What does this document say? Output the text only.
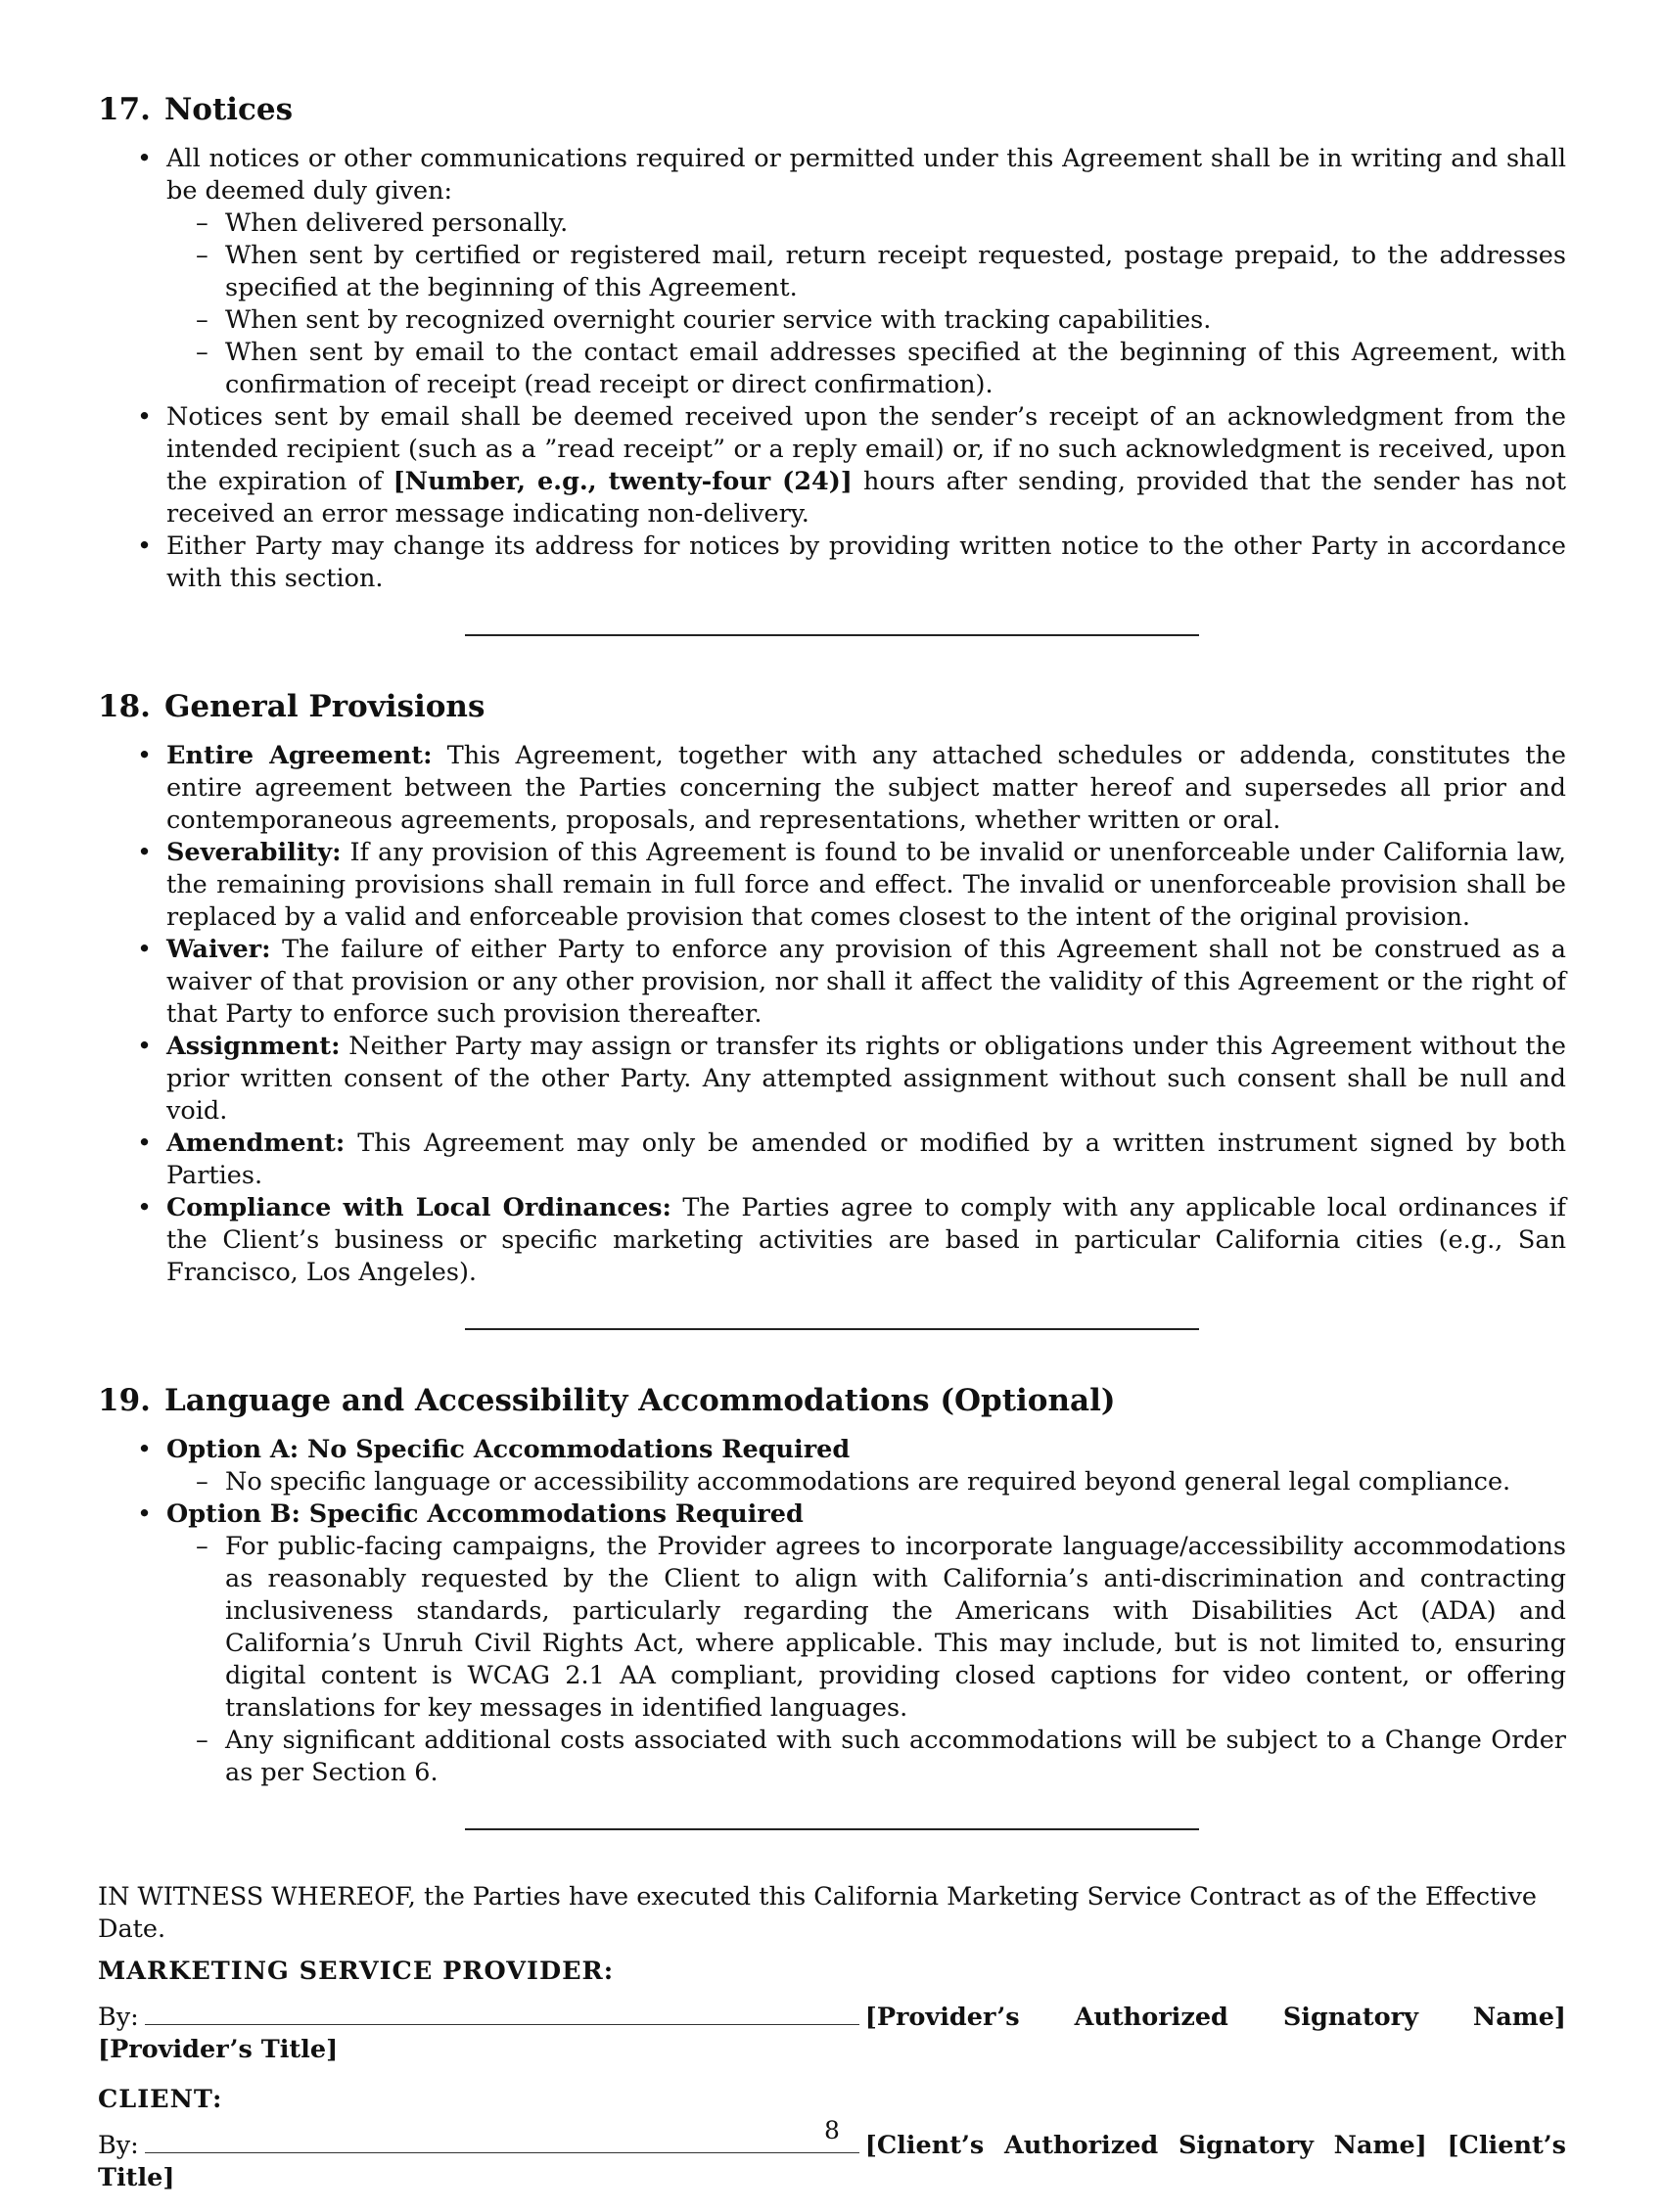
17. Notices
• All notices or other communications required or permitted under this Agreement shall be in writing and shall be deemed duly given:
– When delivered personally.
– When sent by certified or registered mail, return receipt requested, postage prepaid, to the addresses specified at the beginning of this Agreement.
– When sent by recognized overnight courier service with tracking capabilities.
– When sent by email to the contact email addresses specified at the beginning of this Agreement, with confirmation of receipt (read receipt or direct confirmation).
• Notices sent by email shall be deemed received upon the sender’s receipt of an acknowledgment from the intended recipient (such as a ”read receipt” or a reply email) or, if no such acknowledgment is received, upon the expiration of [Number, e.g., twenty-four (24)] hours after sending, provided that the sender has not received an error message indicating non-delivery.
• Either Party may change its address for notices by providing written notice to the other Party in accordance with this section.
18. General Provisions
• Entire Agreement: This Agreement, together with any attached schedules or addenda, constitutes the entire agreement between the Parties concerning the subject matter hereof and supersedes all prior and contemporaneous agreements, proposals, and representations, whether written or oral.
• Severability: If any provision of this Agreement is found to be invalid or unenforceable under California law, the remaining provisions shall remain in full force and effect. The invalid or unenforceable provision shall be replaced by a valid and enforceable provision that comes closest to the intent of the original provision.
• Waiver: The failure of either Party to enforce any provision of this Agreement shall not be construed as a waiver of that provision or any other provision, nor shall it affect the validity of this Agreement or the right of that Party to enforce such provision thereafter.
• Assignment: Neither Party may assign or transfer its rights or obligations under this Agreement without the prior written consent of the other Party. Any attempted assignment without such consent shall be null and void.
• Amendment: This Agreement may only be amended or modified by a written instrument signed by both Parties.
• Compliance with Local Ordinances: The Parties agree to comply with any applicable local ordinances if the Client’s business or specific marketing activities are based in particular California cities (e.g., San Francisco, Los Angeles).
19. Language and Accessibility Accommodations (Optional)
• Option A: No Specific Accommodations Required
– No specific language or accessibility accommodations are required beyond general legal compliance.
• Option B: Specific Accommodations Required
– For public-facing campaigns, the Provider agrees to incorporate language/accessibility accommodations as reasonably requested by the Client to align with California’s anti-discrimination and contracting inclusiveness standards, particularly regarding the Americans with Disabilities Act (ADA) and California’s Unruh Civil Rights Act, where applicable. This may include, but is not limited to, ensuring digital content is WCAG 2.1 AA compliant, providing closed captions for video content, or offering translations for key messages in identified languages.
– Any significant additional costs associated with such accommodations will be subject to a Change Order as per Section 6.
IN WITNESS WHEREOF, the Parties have executed this California Marketing Service Contract as of the Effective Date.
MARKETING SERVICE PROVIDER:
By:	[Provider’s Authorized Signatory Name] [Provider’s Title]
CLIENT:
By:	[Client’s Authorized Signatory Name] [Client’s Title]
8
